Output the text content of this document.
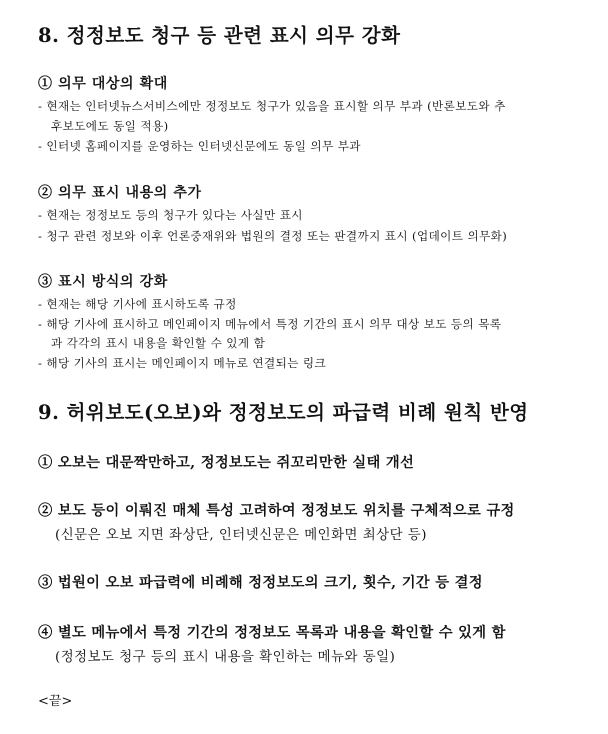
8. 정정보도 청구 등 관련 표시 의무 강화
① 의무 대상의 확대
- 현재는 인터넷뉴스서비스에만 정정보도 청구가 있음을 표시할 의무 부과 (반론보도와 추
후보도에도 동일 적용)
- 인터넷 홈페이지를 운영하는 인터넷신문에도 동일 의무 부과
② 의무 표시 내용의 추가
- 현재는 정정보도 등의 청구가 있다는 사실만 표시
- 청구 관련 정보와 이후 언론중재위와 법원의 결정 또는 판결까지 표시 (업데이트 의무화)
③ 표시 방식의 강화
- 현재는 해당 기사에 표시하도록 규정
- 해당 기사에 표시하고 메인페이지 메뉴에서 특정 기간의 표시 의무 대상 보도 등의 목록
과 각각의 표시 내용을 확인할 수 있게 함
- 해당 기사의 표시는 메인페이지 메뉴로 연결되는 링크
9. 허위보도(오보)와 정정보도의 파급력 비례 원칙 반영
① 오보는 대문짝만하고, 정정보도는 쥐꼬리만한 실태 개선
② 보도 등이 이뤄진 매체 특성 고려하여 정정보도 위치를 구체적으로 규정
(신문은 오보 지면 좌상단, 인터넷신문은 메인화면 최상단 등)
③ 법원이 오보 파급력에 비례해 정정보도의 크기, 횟수, 기간 등 결정
④ 별도 메뉴에서 특정 기간의 정정보도 목록과 내용을 확인할 수 있게 함
(정정보도 청구 등의 표시 내용을 확인하는 메뉴와 동일)
<끝>
